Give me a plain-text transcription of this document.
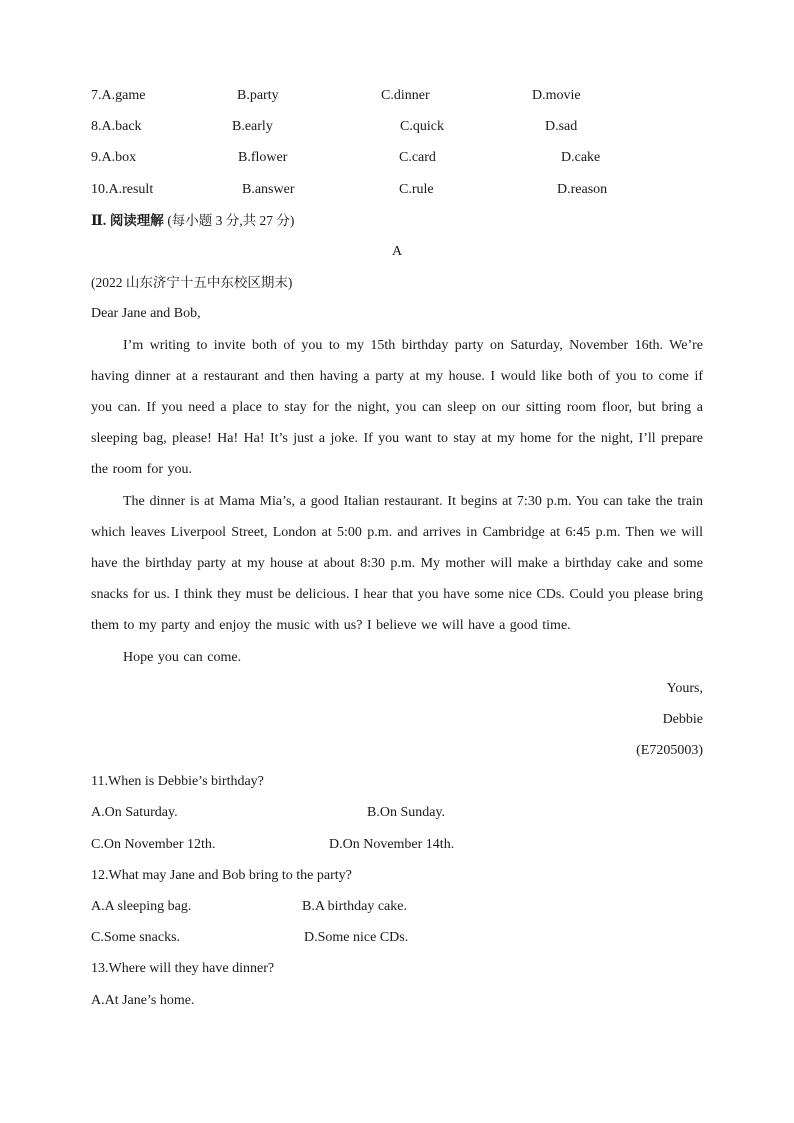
7.A.game	B.party	C.dinner	D.movie
8.A.back	B.early	C.quick	D.sad
9.A.box	B.flower	C.card	D.cake
10.A.result	B.answer	C.rule	D.reason
Ⅱ. 阅读理解 (每小题 3 分,共 27 分)
A
(2022 山东济宁十五中东校区期末)
Dear Jane and Bob,

I’m writing to invite both of you to my 15th birthday party on Saturday, November 16th. We’re having dinner at a restaurant and then having a party at my house. I would like both of you to come if you can. If you need a place to stay for the night, you can sleep on our sitting room floor, but bring a sleeping bag, please! Ha! Ha! It’s just a joke. If you want to stay at my home for the night, I’ll prepare the room for you.

The dinner is at Mama Mia’s, a good Italian restaurant. It begins at 7:30 p.m. You can take the train which leaves Liverpool Street, London at 5:00 p.m. and arrives in Cambridge at 6:45 p.m. Then we will have the birthday party at my house at about 8:30 p.m. My mother will make a birthday cake and some snacks for us. I think they must be delicious. I hear that you have some nice CDs. Could you please bring them to my party and enjoy the music with us? I believe we will have a good time.

Hope you can come.

Yours,
Debbie
(E7205003)
11.When is Debbie’s birthday?
A.On Saturday.	B.On Sunday.
C.On November 12th.	D.On November 14th.
12.What may Jane and Bob bring to the party?
A.A sleeping bag.	B.A birthday cake.
C.Some snacks.	D.Some nice CDs.
13.Where will they have dinner?
A.At Jane’s home.
